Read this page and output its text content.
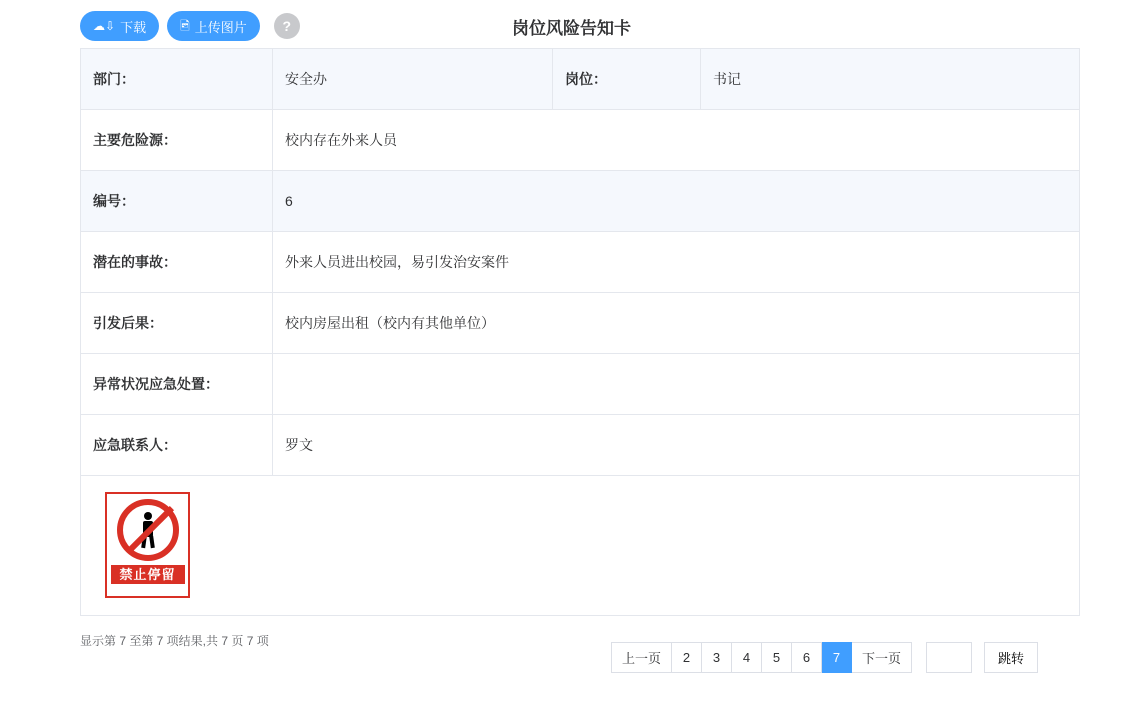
☁⇩ 下载	🖻 上传图片	?	岗位风险告知卡
部门：	安全办	岗位：	书记
主要危险源：	校内存在外来人员
编号：	6
潜在的事故：	外来人员进出校园，易引发治安案件
引发后果：	校内房屋出租（校内有其他单位）
异常状况应急处置：
应急联系人：	罗文
禁止停留
显示第 7 至第 7 项结果,共 7 页 7 项
上一页	2	3	4	5	6	7	下一页	跳转
